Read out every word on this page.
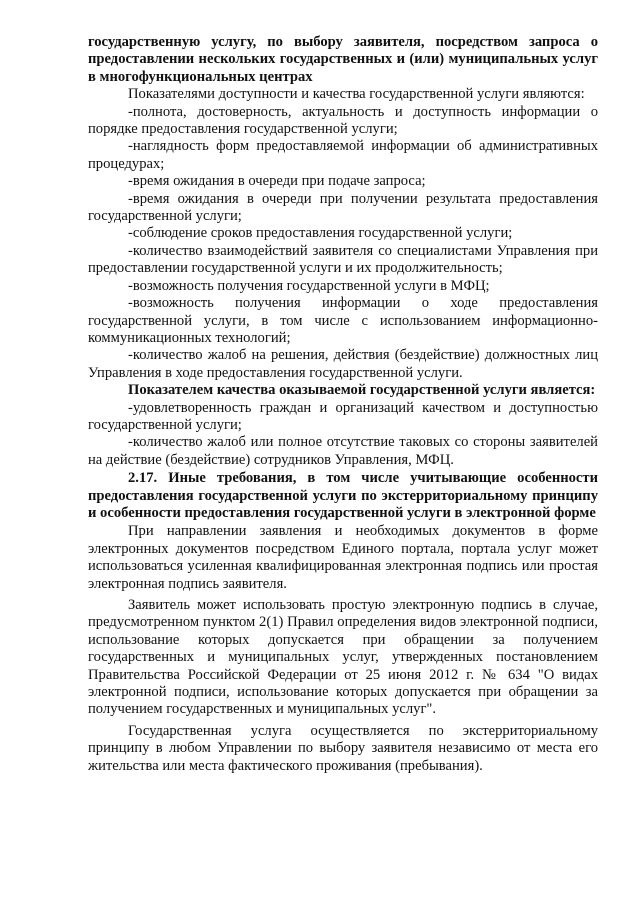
государственную услугу, по выбору заявителя, посредством запроса о предоставлении нескольких государственных и (или) муниципальных услуг в многофункциональных центрах

Показателями доступности и качества государственной услуги являются:

-полнота, достоверность, актуальность и доступность информации о порядке предоставления государственной услуги;

-наглядность форм предоставляемой информации об административных процедурах;

-время ожидания в очереди при подаче запроса;

-время ожидания в очереди при получении результата предоставления государственной услуги;

-соблюдение сроков предоставления государственной услуги;

-количество взаимодействий заявителя со специалистами Управления при предоставлении государственной услуги и их продолжительность;

-возможность получения государственной услуги в МФЦ;

-возможность получения информации о ходе предоставления государственной услуги, в том числе с использованием информационно-коммуникационных технологий;

-количество жалоб на решения, действия (бездействие) должностных лиц Управления в ходе предоставления государственной услуги.

Показателем качества оказываемой государственной услуги является:

-удовлетворенность граждан и организаций качеством и доступностью государственной услуги;

-количество жалоб или полное отсутствие таковых со стороны заявителей на действие (бездействие) сотрудников Управления, МФЦ.

2.17. Иные требования, в том числе учитывающие особенности предоставления государственной услуги по экстерриториальному принципу и особенности предоставления государственной услуги в электронной форме

При направлении заявления и необходимых документов в форме электронных документов посредством Единого портала, портала услуг может использоваться усиленная квалифицированная электронная подпись или простая электронная подпись заявителя.

Заявитель может использовать простую электронную подпись в случае, предусмотренном пунктом 2(1) Правил определения видов электронной подписи, использование которых допускается при обращении за получением государственных и муниципальных услуг, утвержденных постановлением Правительства Российской Федерации от 25 июня 2012 г. № 634 "О видах электронной подписи, использование которых допускается при обращении за получением государственных и муниципальных услуг".

Государственная услуга осуществляется по экстерриториальному принципу в любом Управлении по выбору заявителя независимо от места его жительства или места фактического проживания (пребывания).
